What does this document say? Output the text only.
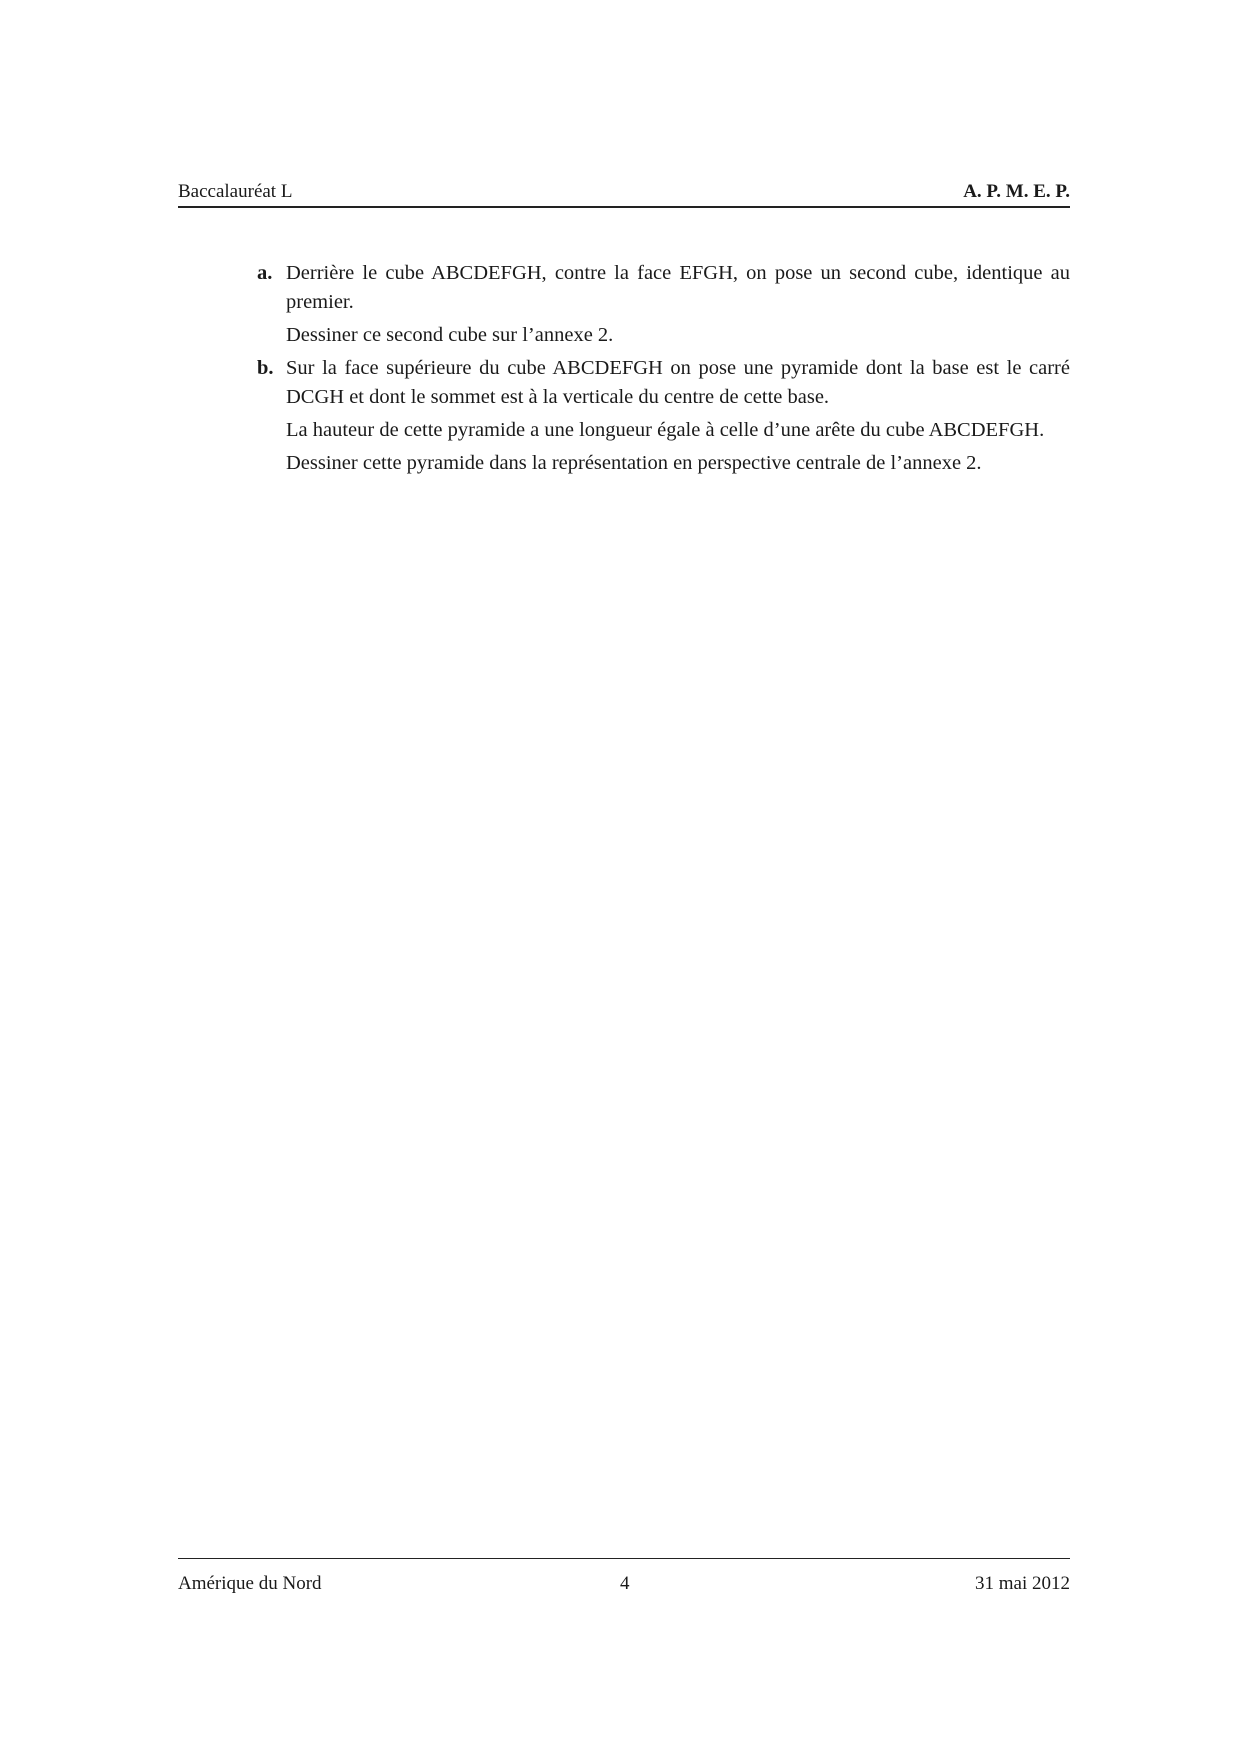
Baccalauréat L	A. P. M. E. P.
a. Derrière le cube ABCDEFGH, contre la face EFGH, on pose un second cube, identique au premier.

Dessiner ce second cube sur l’annexe 2.

b. Sur la face supérieure du cube ABCDEFGH on pose une pyramide dont la base est le carré DCGH et dont le sommet est à la verticale du centre de cette base.

La hauteur de cette pyramide a une longueur égale à celle d’une arête du cube ABCDEFGH.

Dessiner cette pyramide dans la représentation en perspective centrale de l’annexe 2.

Amérique du Nord	4	31 mai 2012
